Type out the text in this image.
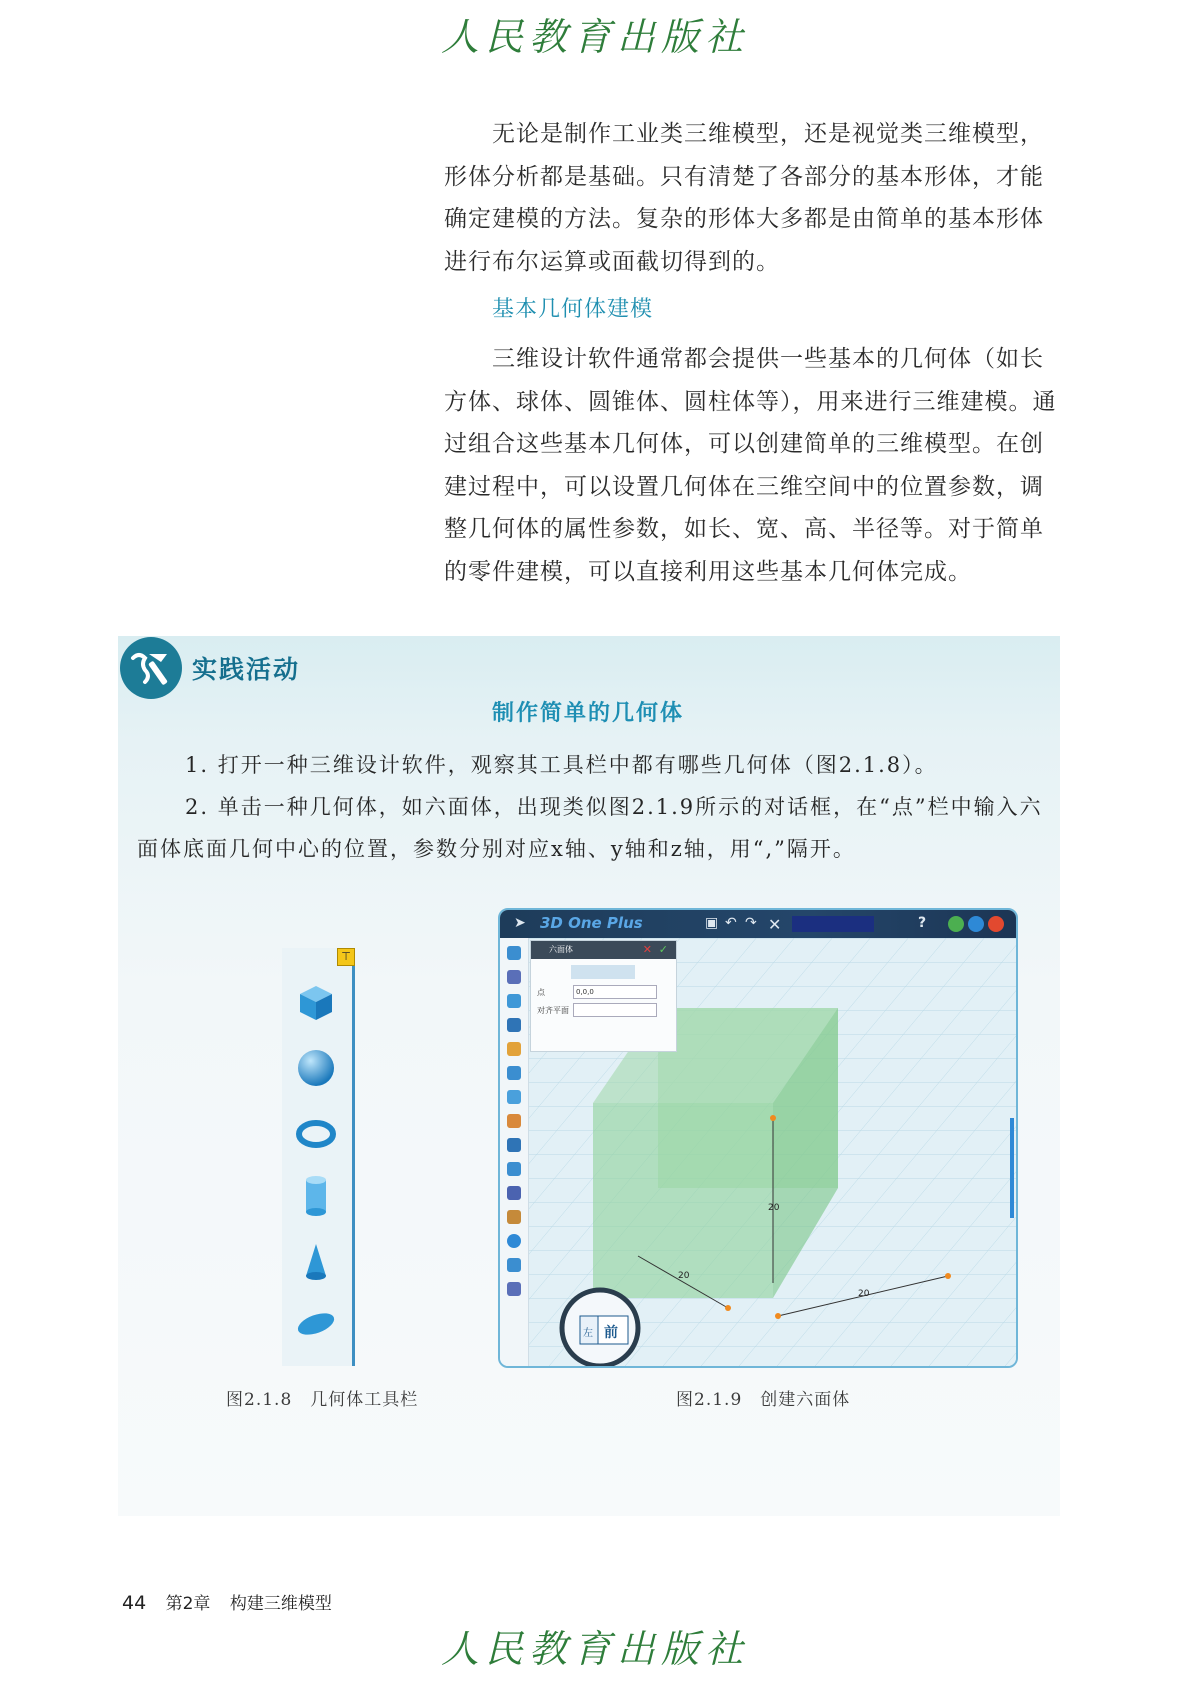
人民教育出版社

无论是制作工业类三维模型，还是视觉类三维模型，形体分析都是基础。只有清楚了各部分的基本形体，才能确定建模的方法。复杂的形体大多都是由简单的基本形体进行布尔运算或面截切得到的。

基本几何体建模

三维设计软件通常都会提供一些基本的几何体（如长方体、球体、圆锥体、圆柱体等），用来进行三维建模。通过组合这些基本几何体，可以创建简单的三维模型。在创建过程中，可以设置几何体在三维空间中的位置参数，调整几何体的属性参数，如长、宽、高、半径等。对于简单的零件建模，可以直接利用这些基本几何体完成。

实践活动
制作简单的几何体
1. 打开一种三维设计软件，观察其工具栏中都有哪些几何体（图2.1.8）。
2. 单击一种几何体，如六面体，出现类似图2.1.9所示的对话框，在“点”栏中输入六面体底面几何中心的位置，参数分别对应x轴、y轴和z轴，用“,”隔开。
⊤
图2.1.8　几何体工具栏
➤ 3D One Plus	▣ ↶ ↷ ✕	?
20
20
20
前
左
六面体	✕ ✓
点	0,0,0
对齐平面
图2.1.9　创建六面体
44 第2章 构建三维模型
人民教育出版社
